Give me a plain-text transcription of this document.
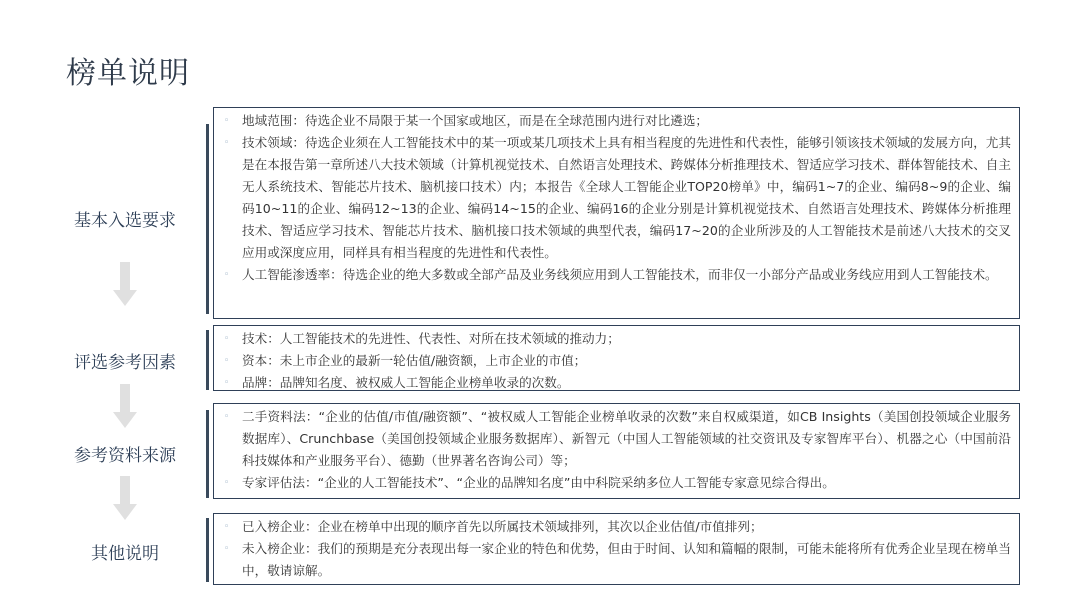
榜单说明
基本入选要求
◦	地域范围：待选企业不局限于某一个国家或地区，而是在全球范围内进行对比遴选；
◦	技术领域：待选企业须在人工智能技术中的某一项或某几项技术上具有相当程度的先进性和代表性，能够引领该技术领域的发展方向，尤其是在本报告第一章所述八大技术领域（计算机视觉技术、自然语言处理技术、跨媒体分析推理技术、智适应学习技术、群体智能技术、自主无人系统技术、智能芯片技术、脑机接口技术）内；本报告《全球人工智能企业TOP20榜单》中，编码1~7的企业、编码8~9的企业、编码10~11的企业、编码12~13的企业、编码14~15的企业、编码16的企业分别是计算机视觉技术、自然语言处理技术、跨媒体分析推理技术、智适应学习技术、智能芯片技术、脑机接口技术领域的典型代表，编码17~20的企业所涉及的人工智能技术是前述八大技术的交叉应用或深度应用，同样具有相当程度的先进性和代表性。
◦	人工智能渗透率：待选企业的绝大多数或全部产品及业务线须应用到人工智能技术，而非仅一小部分产品或业务线应用到人工智能技术。
评选参考因素
◦	技术：人工智能技术的先进性、代表性、对所在技术领域的推动力；
◦	资本：未上市企业的最新一轮估值/融资额，上市企业的市值；
◦	品牌：品牌知名度、被权威人工智能企业榜单收录的次数。
参考资料来源
◦	二手资料法：“企业的估值/市值/融资额”、“被权威人工智能企业榜单收录的次数”来自权威渠道，如CB Insights（美国创投领域企业服务数据库）、Crunchbase（美国创投领域企业服务数据库）、新智元（中国人工智能领域的社交资讯及专家智库平台）、机器之心（中国前沿科技媒体和产业服务平台）、德勤（世界著名咨询公司）等；
◦	专家评估法：“企业的人工智能技术”、“企业的品牌知名度”由中科院采纳多位人工智能专家意见综合得出。
其他说明
◦	已入榜企业：企业在榜单中出现的顺序首先以所属技术领域排列，其次以企业估值/市值排列；
◦	未入榜企业：我们的预期是充分表现出每一家企业的特色和优势，但由于时间、认知和篇幅的限制，可能未能将所有优秀企业呈现在榜单当中，敬请谅解。
